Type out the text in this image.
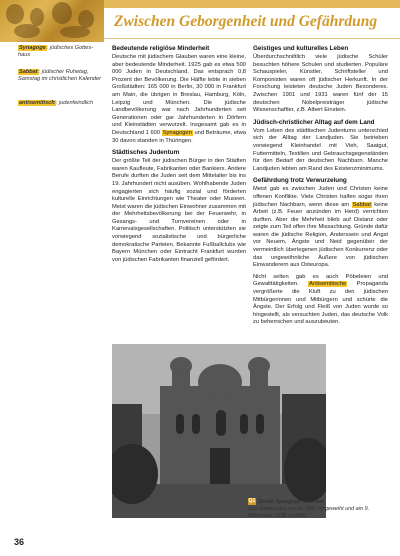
Zwischen Geborgenheit und Gefährdung
Synagoge: jüdisches Gottes-haus
Sabbat: jüdischer Ruhetag, Samstag im christlichen Kalender
antisemitisch: judenfeindlich
Bedeutende religiöse Minderheit

Deutsche mit jüdischem Glauben waren eine kleine, aber bedeutende Minderheit. 1925 gab es etwa 500 000 Juden in Deutschland. Das entsprach 0,8 Prozent der Bevölkerung. Die Hälfte lebte in sieben Großstädten: 165 000 in Berlin, 30 000 in Frankfurt am Main, die übrigen in Breslau, Hamburg, Köln, Leipzig und München. Die jüdische Landbevölkerung war nach Jahrhunderten seit Generationen oder gar Jahrhunderten in Dörfern und Kleinstädten verwurzelt. Insgesamt gab es in Deutschland 1 600 Synagogen und Beträume, etwa 30 davon standen in Thüringen.

Städtisches Judentum

Der größte Teil der jüdischen Bürger in den Städten waren Kaufleute, Fabrikanten oder Bankiers. Andere Berufe durften die Juden seit dem Mittelalter bis ins 19. Jahrhundert nicht ausüben. Wohlhabende Juden engagierten sich häufig sozial und förderten kulturelle Einrichtungen wie Theater oder Museen. Meist waren die jüdischen Einwohner zusammen mit der Mehrheitsbevölkerung bei der Feuerwehr, in Gesangs- und Turnvereinen oder in Karnevalsgesellschaften. Politisch unterstützten sie vorwiegend sozialistische und bürgerliche demokratische Parteien. Bekannte Fußballclubs wie Bayern München oder Eintracht Frankfurt wurden von jüdischen Fabrikanten finanziell gefördert.

Geistiges und kulturelles Leben

Überdurchschnittlich viele jüdische Schüler besuchten höhere Schulen und studierten. Populäre Schauspieler, Künstler, Schriftsteller und Komponisten waren oft jüdischer Herkunft. In der Forschung leisteten deutsche Juden Besonderes. Zwischen 1901 und 1931 waren fünf der 15 deutschen Nobelpreisträger jüdische Wissenschaftler, z.B. Albert Einstein.

Jüdisch-christlicher Alltag auf dem Land

Vom Leben des städtischen Judentums unterschied sich der Alltag der Landjuden. Sie betrieben vorwiegend Kleinhandel mit Vieh, Saatgut, Futtermitteln, Textilien und Gebrauchsgegenständen für den Bedarf der deutschen Nachbarn. Manche Landjuden lebten am Rand des Existenzminimums.

Gefährdung trotz Verwurzelung

Meist gab es zwischen Juden und Christen keine offenen Konflikte. Viele Christen halfen sogar ihren jüdischen Nachbarn, wenn diese am Sabbat keine Arbeit (z.B. Feuer anzünden im Herd) verrichten durften. Aber die Mehrheit blieb auf Distanz oder zeigte zum Teil offen ihre Missachtung. Gründe dafür waren die jüdische Religion, Anderssein und Angst vor Neuem, Ängste und Neid gegenüber der vermeintlich überlegenen jüdischen Konkurrenz oder das ungewöhnliche Äußere von jüdischen Einwanderern aus Osteuropa.

Nicht selten gab es auch Pöbeleien und Gewalttätigkeiten. Antisemitische Propaganda vergrößerte die Kluft zu den jüdischen Mitbürgerinnen und Mitbürgern und schürte die Ängste. Der Erfolg und Fleiß von Juden wurde so hingestellt, als versuchten Juden, das deutsche Volk zu beherrschen und auszubeuten.

Q1 Große Synagoge in Erfurt
Das Gotteshaus wurde 1880 eingeweiht und am 9. November 1938 zerstört.
36
